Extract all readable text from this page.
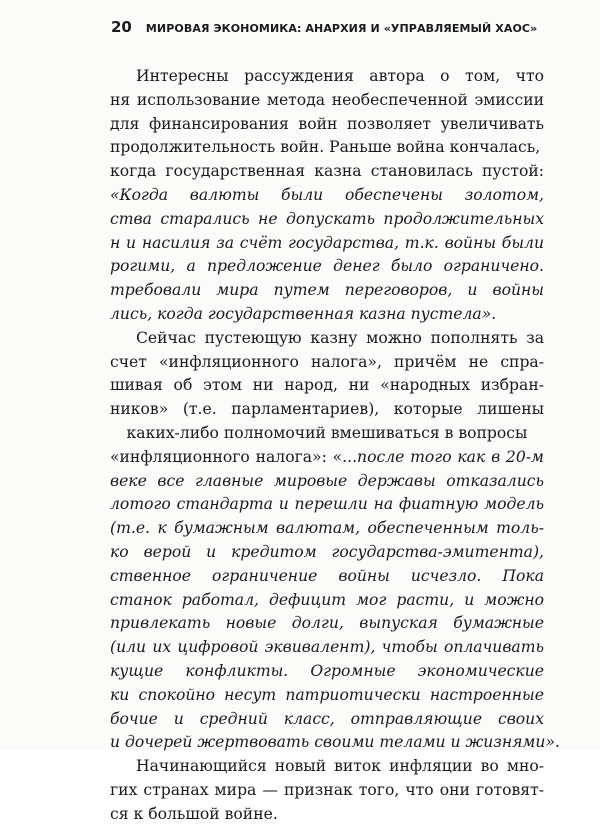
20 МИРОВАЯ ЭКОНОМИКА: АНАРХИЯ И «УПРАВЛЯЕМЫЙ ХАОС»
Интересны рассуждения автора о том, что
ня использование метода необеспеченной эмиссии
для финансирования войн позволяет увеличивать
продолжительность войн. Раньше война кончалась,
когда государственная казна становилась пустой:
«Когда валюты были обеспечены золотом,
ства старались не допускать продолжительных
н и насилия за счёт государства, т.к. войны были
рогими, а предложение денег было ограничено.
требовали мира путем переговоров, и войны
лись, когда государственная казна пустела».
Сейчас пустеющую казну можно пополнять за
счет «инфляционного налога», причём не спра-
шивая об этом ни народ, ни «народных избран-
ников» (т.е. парламентариев), которые лишены
каких-либо полномочий вмешиваться в вопросы
«инфляционного налога»: «...после того как в 20-м
веке все главные мировые державы отказались
лотого стандарта и перешли на фиатную модель
(т.е. к бумажным валютам, обеспеченным толь-
ко верой и кредитом государства-эмитента),
ственное ограничение войны исчезло. Пока
станок работал, дефицит мог расти, и можно
привлекать новые долги, выпуская бумажные
(или их цифровой эквивалент), чтобы оплачивать
кущие конфликты. Огромные экономические
ки спокойно несут патриотически настроенные
бочие и средний класс, отправляющие своих
и дочерей жертвовать своими телами и жизнями».
Начинающийся новый виток инфляции во мно-
гих странах мира — признак того, что они готовят-
ся к большой войне.
